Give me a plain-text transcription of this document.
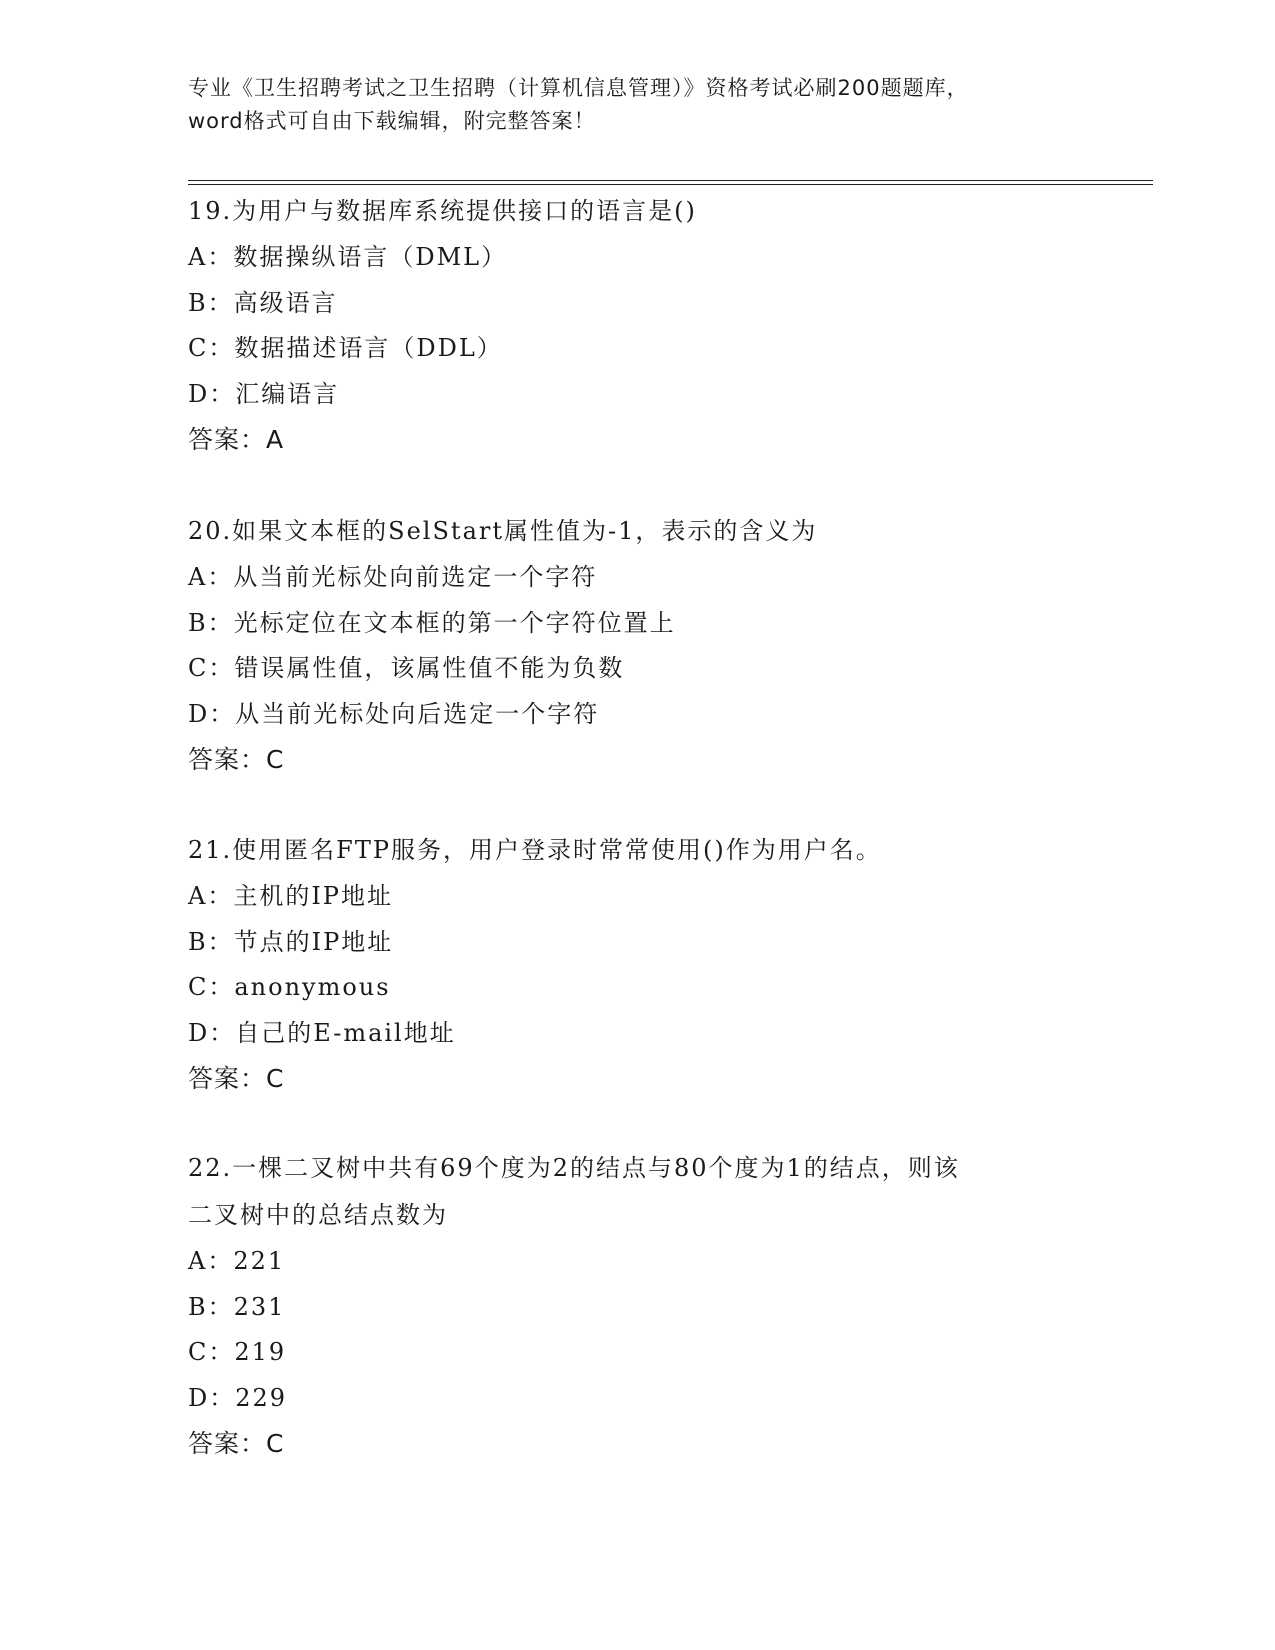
专业《卫生招聘考试之卫生招聘（计算机信息管理）》资格考试必刷200题题库，
word格式可自由下载编辑，附完整答案！
19.为用户与数据库系统提供接口的语言是()
A：数据操纵语言（DML）
B：高级语言
C：数据描述语言（DDL）
D：汇编语言
答案：A
20.如果文本框的SelStart属性值为-1，表示的含义为
A：从当前光标处向前选定一个字符
B：光标定位在文本框的第一个字符位置上
C：错误属性值，该属性值不能为负数
D：从当前光标处向后选定一个字符
答案：C
21.使用匿名FTP服务，用户登录时常常使用()作为用户名。
A：主机的IP地址
B：节点的IP地址
C：anonymous
D：自己的E-mail地址
答案：C
22.一棵二叉树中共有69个度为2的结点与80个度为1的结点，则该
二叉树中的总结点数为
A：221
B：231
C：219
D：229
答案：C
